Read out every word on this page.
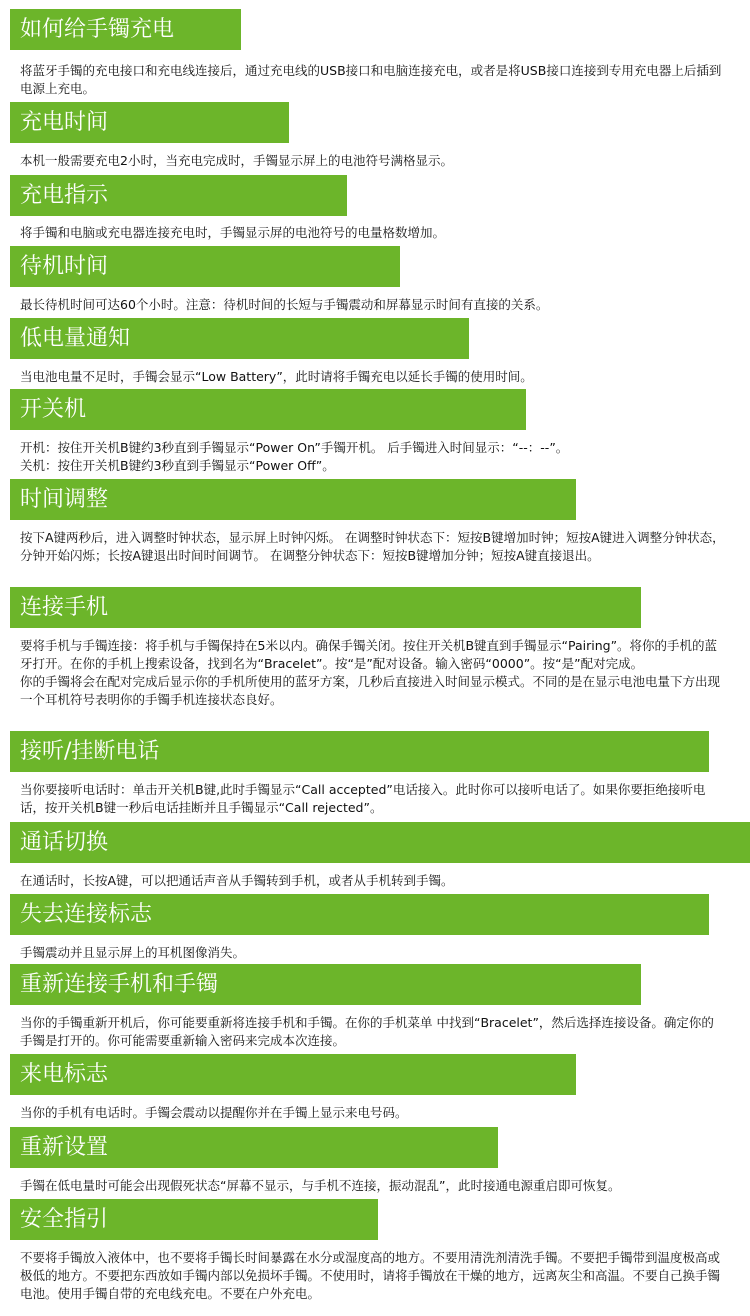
如何给手镯充电

将蓝牙手镯的充电接口和充电线连接后，通过充电线的USB接口和电脑连接充电，或者是将USB接口连接到专用充电器上后插到电源上充电。

充电时间

本机一般需要充电2小时，当充电完成时，手镯显示屏上的电池符号满格显示。

充电指示

将手镯和电脑或充电器连接充电时，手镯显示屏的电池符号的电量格数增加。

待机时间

最长待机时间可达60个小时。注意：待机时间的长短与手镯震动和屏幕显示时间有直接的关系。

低电量通知

当电池电量不足时，手镯会显示“Low Battery”，此时请将手镯充电以延长手镯的使用时间。

开关机

开机：按住开关机B键约3秒直到手镯显示“Power On”手镯开机。 后手镯进入时间显示：“--：--”。

关机：按住开关机B键约3秒直到手镯显示“Power Off”。

时间调整

按下A键两秒后，进入调整时钟状态，显示屏上时钟闪烁。 在调整时钟状态下：短按B键增加时钟；短按A键进入调整分钟状态，分钟开始闪烁；长按A键退出时间时间调节。 在调整分钟状态下：短按B键增加分钟；短按A键直接退出。

连接手机

要将手机与手镯连接：将手机与手镯保持在5米以内。确保手镯关闭。按住开关机B键直到手镯显示“Pairing”。将你的手机的蓝牙打开。在你的手机上搜索设备，找到名为“Bracelet”。按“是”配对设备。输入密码“0000”。按“是”配对完成。

你的手镯将会在配对完成后显示你的手机所使用的蓝牙方案，几秒后直接进入时间显示模式。不同的是在显示电池电量下方出现一个耳机符号表明你的手镯手机连接状态良好。

接听/挂断电话

当你要接听电话时：单击开关机B键,此时手镯显示“Call accepted”电话接入。此时你可以接听电话了。如果你要拒绝接听电话，按开关机B键一秒后电话挂断并且手镯显示“Call rejected”。

通话切换

在通话时，长按A键，可以把通话声音从手镯转到手机，或者从手机转到手镯。

失去连接标志

手镯震动并且显示屏上的耳机图像消失。

重新连接手机和手镯

当你的手镯重新开机后，你可能要重新将连接手机和手镯。在你的手机菜单 中找到“Bracelet”，然后选择连接设备。确定你的手镯是打开的。你可能需要重新输入密码来完成本次连接。

来电标志

当你的手机有电话时。手镯会震动以提醒你并在手镯上显示来电号码。

重新设置

手镯在低电量时可能会出现假死状态“屏幕不显示，与手机不连接，振动混乱”，此时接通电源重启即可恢复。

安全指引

不要将手镯放入液体中，也不要将手镯长时间暴露在水分或湿度高的地方。不要用清洗剂清洗手镯。不要把手镯带到温度极高或极低的地方。不要把东西放如手镯内部以免损坏手镯。不使用时，请将手镯放在干燥的地方，远离灰尘和高温。不要自己换手镯电池。使用手镯自带的充电线充电。不要在户外充电。
